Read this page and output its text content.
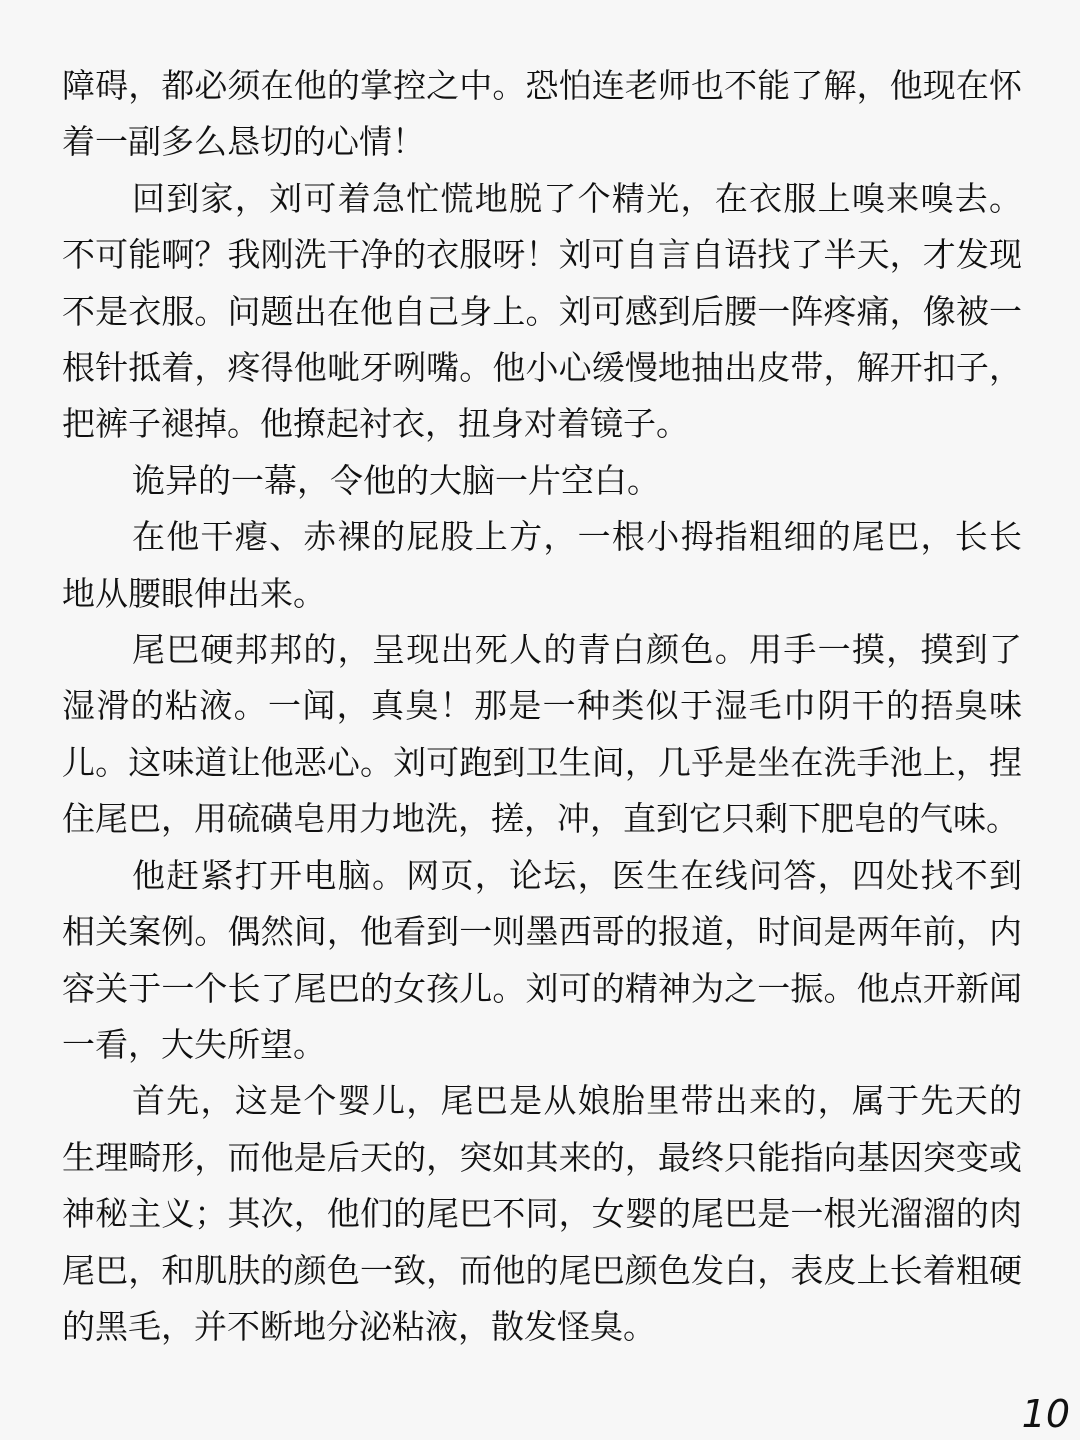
障碍，都必须在他的掌控之中。恐怕连老师也不能了解，他现在怀着一副多么恳切的心情！

回到家，刘可着急忙慌地脱了个精光，在衣服上嗅来嗅去。不可能啊？我刚洗干净的衣服呀！刘可自言自语找了半天，才发现不是衣服。问题出在他自己身上。刘可感到后腰一阵疼痛，像被一根针抵着，疼得他呲牙咧嘴。他小心缓慢地抽出皮带，解开扣子，把裤子褪掉。他撩起衬衣，扭身对着镜子。

诡异的一幕，令他的大脑一片空白。

在他干瘪、赤裸的屁股上方，一根小拇指粗细的尾巴，长长地从腰眼伸出来。

尾巴硬邦邦的，呈现出死人的青白颜色。用手一摸，摸到了湿滑的粘液。一闻，真臭！那是一种类似于湿毛巾阴干的捂臭味儿。这味道让他恶心。刘可跑到卫生间，几乎是坐在洗手池上，捏住尾巴，用硫磺皂用力地洗，搓，冲，直到它只剩下肥皂的气味。

他赶紧打开电脑。网页，论坛，医生在线问答，四处找不到相关案例。偶然间，他看到一则墨西哥的报道，时间是两年前，内容关于一个长了尾巴的女孩儿。刘可的精神为之一振。他点开新闻一看，大失所望。

首先，这是个婴儿，尾巴是从娘胎里带出来的，属于先天的生理畸形，而他是后天的，突如其来的，最终只能指向基因突变或神秘主义；其次，他们的尾巴不同，女婴的尾巴是一根光溜溜的肉尾巴，和肌肤的颜色一致，而他的尾巴颜色发白，表皮上长着粗硬的黑毛，并不断地分泌粘液，散发怪臭。

10
